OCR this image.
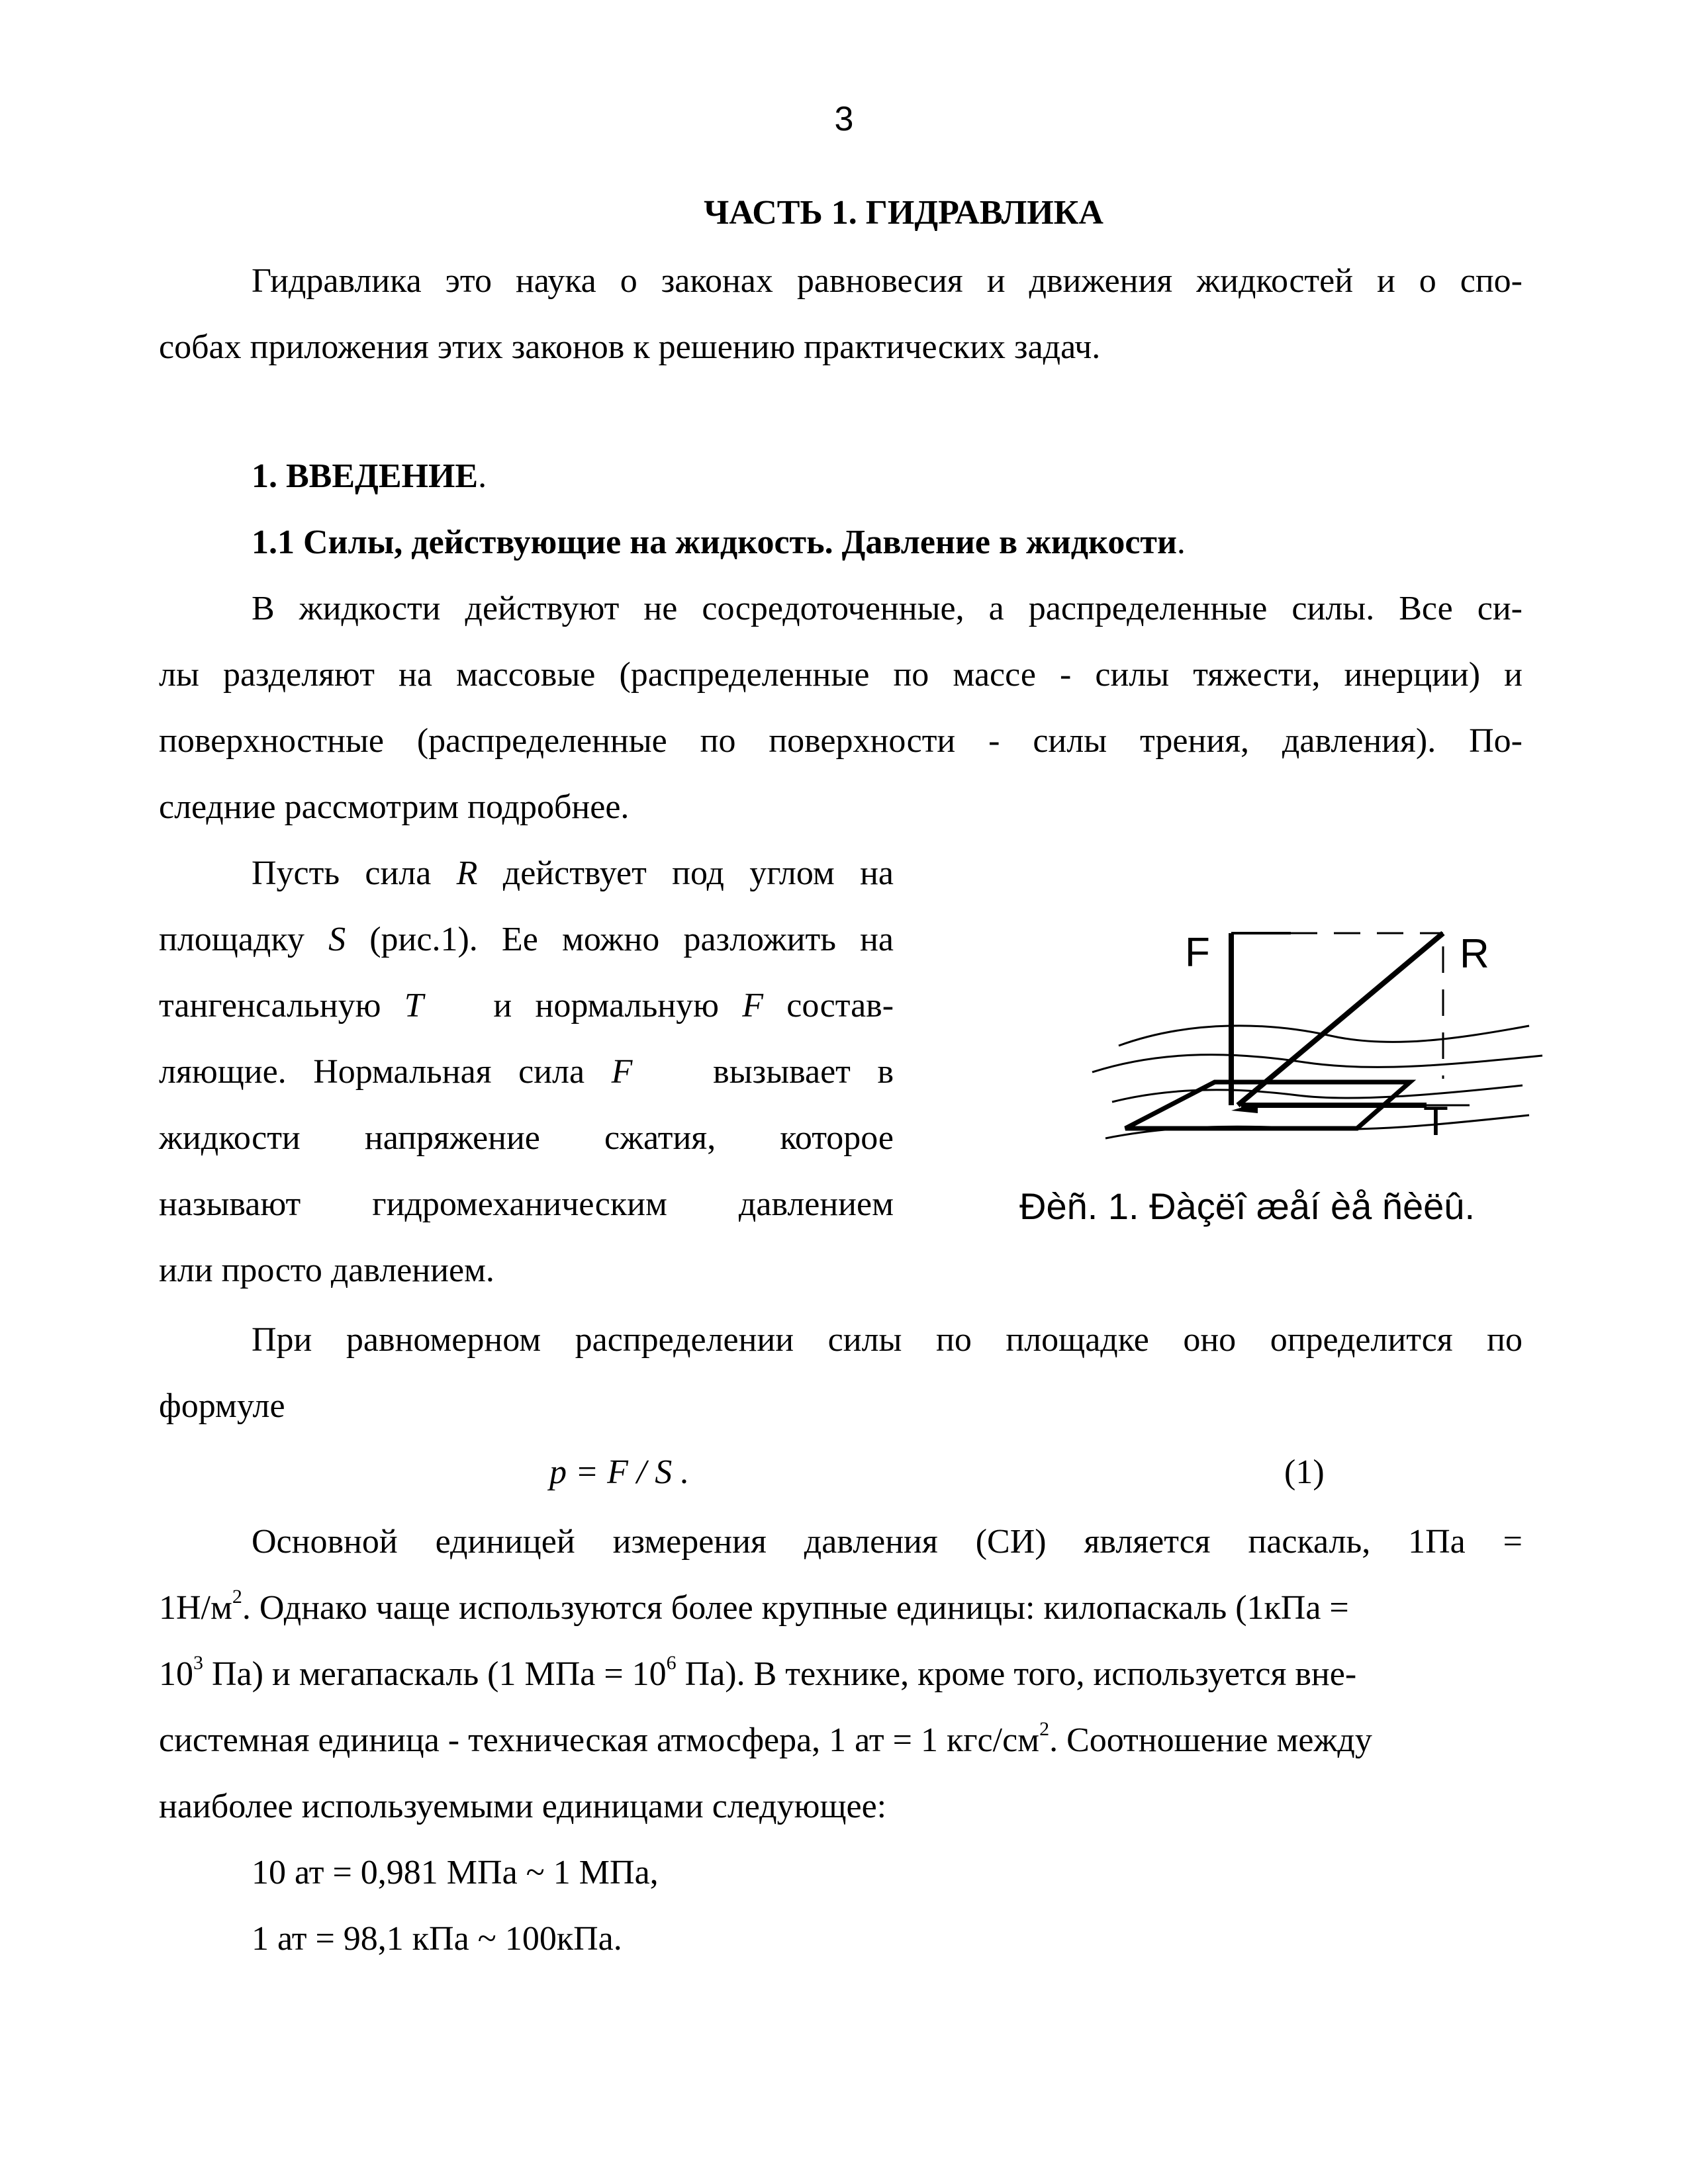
3
ЧАСТЬ 1. ГИДРАВЛИКА
Гидравлика это наука о законах равновесия и движения жидкостей и о спо-
собах приложения этих законов к решению практических задач.
1. ВВЕДЕНИЕ.
1.1 Силы, действующие на жидкость. Давление в жидкости.
В жидкости действуют не сосредоточенные, а распределенные силы. Все си-
лы разделяют на массовые (распределенные по массе - силы тяжести, инерции) и
поверхностные (распределенные по поверхности - силы трения, давления). По-
следние рассмотрим подробнее.
Пусть сила R действует под углом на
площадку S (рис.1). Ее можно разложить на
тангенсальную T и нормальную F состав-
ляющие. Нормальная сила F вызывает в
жидкости напряжение сжатия, которое
называют гидромеханическим давлением
или просто давлением.
F	R
T
Ðèñ. 1. Ðàçëî æåí èå ñèëû.
При равномерном распределении силы по площадке оно определится по
формуле
p = F / S .	(1)
Основной единицей измерения давления (СИ) является паскаль, 1Па =
$1Н/м^2$. Однако чаще используются более крупные единицы: килопаскаль (1кПа =
$10^3$ Па) и мегапаскаль (1 МПа = $10^6$ Па). В технике, кроме того, используется вне-
системная единица - техническая атмосфера, 1 ат = 1 кгс/$см^2$. Соотношение между
наиболее используемыми единицами следующее:
10 ат = 0,981 МПа ~ 1 МПа,
1 ат = 98,1 кПа ~ 100кПа.
